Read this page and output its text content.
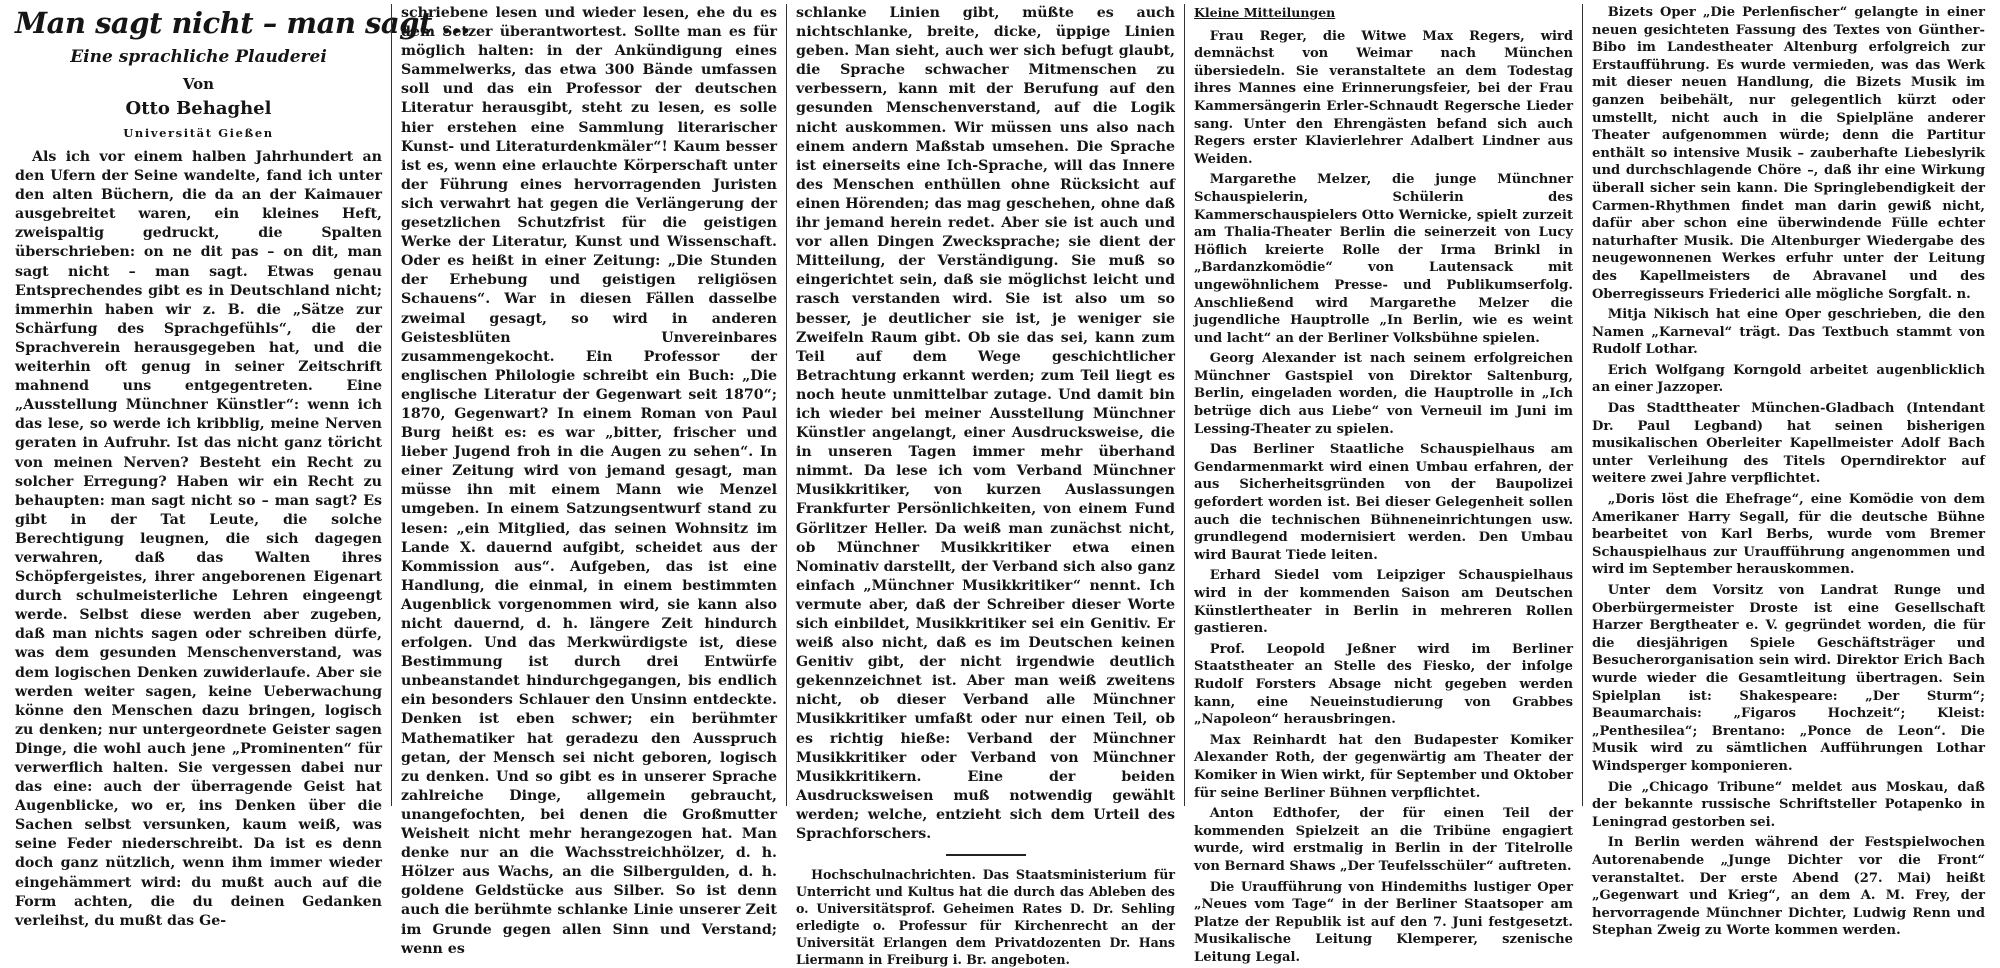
Man sagt nicht – man sagt ...
Eine sprachliche Plauderei
Von
Otto Behaghel
Universität Gießen

Als ich vor einem halben Jahrhundert an den Ufern der Seine wandelte, fand ich unter den alten Büchern, die da an der Kaimauer ausgebreitet waren, ein kleines Heft, zweispaltig gedruckt, die Spalten überschrieben: on ne dit pas – on dit, man sagt nicht – man sagt. Etwas genau Entsprechendes gibt es in Deutschland nicht; immerhin haben wir z. B. die „Sätze zur Schärfung des Sprachgefühls“, die der Sprachverein herausgegeben hat, und die weiterhin oft genug in seiner Zeitschrift mahnend uns entgegentreten. Eine „Ausstellung Münchner Künstler“: wenn ich das lese, so werde ich kribblig, meine Nerven geraten in Aufruhr. Ist das nicht ganz töricht von meinen Nerven? Besteht ein Recht zu solcher Erregung? Haben wir ein Recht zu behaupten: man sagt nicht so – man sagt? Es gibt in der Tat Leute, die solche Berechtigung leugnen, die sich dagegen verwahren, daß das Walten ihres Schöpfergeistes, ihrer angeborenen Eigenart durch schulmeisterliche Lehren eingeengt werde. Selbst diese werden aber zugeben, daß man nichts sagen oder schreiben dürfe, was dem gesunden Menschenverstand, was dem logischen Denken zuwiderlaufe. Aber sie werden weiter sagen, keine Ueberwachung könne den Menschen dazu bringen, logisch zu denken; nur untergeordnete Geister sagen Dinge, die wohl auch jene „Prominenten“ für verwerflich halten. Sie vergessen dabei nur das eine: auch der überragende Geist hat Augenblicke, wo er, ins Denken über die Sachen selbst versunken, kaum weiß, was seine Feder niederschreibt. Da ist es denn doch ganz nützlich, wenn ihm immer wieder eingehämmert wird: du mußt auch auf die Form achten, die du deinen Gedanken verleihst, du mußt das Ge-

schriebene lesen und wieder lesen, ehe du es dem Setzer überantwortest. Sollte man es für möglich halten: in der Ankündigung eines Sammelwerks, das etwa 300 Bände umfassen soll und das ein Professor der deutschen Literatur herausgibt, steht zu lesen, es solle hier erstehen eine Sammlung literarischer Kunst- und Literaturdenkmäler“! Kaum besser ist es, wenn eine erlauchte Körperschaft unter der Führung eines hervorragenden Juristen sich verwahrt hat gegen die Verlängerung der gesetzlichen Schutzfrist für die geistigen Werke der Literatur, Kunst und Wissenschaft. Oder es heißt in einer Zeitung: „Die Stunden der Erhebung und geistigen religiösen Schauens“. War in diesen Fällen dasselbe zweimal gesagt, so wird in anderen Geistesblüten Unvereinbares zusammengekocht. Ein Professor der englischen Philologie schreibt ein Buch: „Die englische Literatur der Gegenwart seit 1870“; 1870, Gegenwart? In einem Roman von Paul Burg heißt es: es war „bitter, frischer und lieber Jugend froh in die Augen zu sehen“. In einer Zeitung wird von jemand gesagt, man müsse ihn mit einem Mann wie Menzel umgeben. In einem Satzungsentwurf stand zu lesen: „ein Mitglied, das seinen Wohnsitz im Lande X. dauernd aufgibt, scheidet aus der Kommission aus“. Aufgeben, das ist eine Handlung, die einmal, in einem bestimmten Augenblick vorgenommen wird, sie kann also nicht dauernd, d. h. längere Zeit hindurch erfolgen. Und das Merkwürdigste ist, diese Bestimmung ist durch drei Entwürfe unbeanstandet hindurchgegangen, bis endlich ein besonders Schlauer den Unsinn entdeckte. Denken ist eben schwer; ein berühmter Mathematiker hat geradezu den Ausspruch getan, der Mensch sei nicht geboren, logisch zu denken. Und so gibt es in unserer Sprache zahlreiche Dinge, allgemein gebraucht, unangefochten, bei denen die Großmutter Weisheit nicht mehr herangezogen hat. Man denke nur an die Wachsstreichhölzer, d. h. Hölzer aus Wachs, an die Silbergulden, d. h. goldene Geldstücke aus Silber. So ist denn auch die berühmte schlanke Linie unserer Zeit im Grunde gegen allen Sinn und Verstand; wenn es

schlanke Linien gibt, müßte es auch nichtschlanke, breite, dicke, üppige Linien geben. Man sieht, auch wer sich befugt glaubt, die Sprache schwacher Mitmenschen zu verbessern, kann mit der Berufung auf den gesunden Menschenverstand, auf die Logik nicht auskommen. Wir müssen uns also nach einem andern Maßstab umsehen. Die Sprache ist einerseits eine Ich-Sprache, will das Innere des Menschen enthüllen ohne Rücksicht auf einen Hörenden; das mag geschehen, ohne daß ihr jemand herein redet. Aber sie ist auch und vor allen Dingen Zwecksprache; sie dient der Mitteilung, der Verständigung. Sie muß so eingerichtet sein, daß sie möglichst leicht und rasch verstanden wird. Sie ist also um so besser, je deutlicher sie ist, je weniger sie Zweifeln Raum gibt. Ob sie das sei, kann zum Teil auf dem Wege geschichtlicher Betrachtung erkannt werden; zum Teil liegt es noch heute unmittelbar zutage. Und damit bin ich wieder bei meiner Ausstellung Münchner Künstler angelangt, einer Ausdrucksweise, die in unseren Tagen immer mehr überhand nimmt. Da lese ich vom Verband Münchner Musikkritiker, von kurzen Auslassungen Frankfurter Persönlichkeiten, von einem Fund Görlitzer Heller. Da weiß man zunächst nicht, ob Münchner Musikkritiker etwa einen Nominativ darstellt, der Verband sich also ganz einfach „Münchner Musikkritiker“ nennt. Ich vermute aber, daß der Schreiber dieser Worte sich einbildet, Musikkritiker sei ein Genitiv. Er weiß also nicht, daß es im Deutschen keinen Genitiv gibt, der nicht irgendwie deutlich gekennzeichnet ist. Aber man weiß zweitens nicht, ob dieser Verband alle Münchner Musikkritiker umfaßt oder nur einen Teil, ob es richtig hieße: Verband der Münchner Musikkritiker oder Verband von Münchner Musikkritikern. Eine der beiden Ausdrucksweisen muß notwendig gewählt werden; welche, entzieht sich dem Urteil des Sprachforschers.

Hochschulnachrichten. Das Staatsministerium für Unterricht und Kultus hat die durch das Ableben des o. Universitätsprof. Geheimen Rates D. Dr. Sehling erledigte o. Professur für Kirchenrecht an der Universität Erlangen dem Privatdozenten Dr. Hans Liermann in Freiburg i. Br. angeboten.

Kleine Mitteilungen

Frau Reger, die Witwe Max Regers, wird demnächst von Weimar nach München übersiedeln. Sie veranstaltete an dem Todestag ihres Mannes eine Erinnerungsfeier, bei der Frau Kammersängerin Erler-Schnaudt Regersche Lieder sang. Unter den Ehrengästen befand sich auch Regers erster Klavierlehrer Adalbert Lindner aus Weiden.

Margarethe Melzer, die junge Münchner Schauspielerin, Schülerin des Kammerschauspielers Otto Wernicke, spielt zurzeit am Thalia-Theater Berlin die seinerzeit von Lucy Höflich kreierte Rolle der Irma Brinkl in „Bardanzkomödie“ von Lautensack mit ungewöhnlichem Presse- und Publikumserfolg. Anschließend wird Margarethe Melzer die jugendliche Hauptrolle „In Berlin, wie es weint und lacht“ an der Berliner Volksbühne spielen.

Georg Alexander ist nach seinem erfolgreichen Münchner Gastspiel von Direktor Saltenburg, Berlin, eingeladen worden, die Hauptrolle in „Ich betrüge dich aus Liebe“ von Verneuil im Juni im Lessing-Theater zu spielen.

Das Berliner Staatliche Schauspielhaus am Gendarmenmarkt wird einen Umbau erfahren, der aus Sicherheitsgründen von der Baupolizei gefordert worden ist. Bei dieser Gelegenheit sollen auch die technischen Bühneneinrichtungen usw. grundlegend modernisiert werden. Den Umbau wird Baurat Tiede leiten.

Erhard Siedel vom Leipziger Schauspielhaus wird in der kommenden Saison am Deutschen Künstlertheater in Berlin in mehreren Rollen gastieren.

Prof. Leopold Jeßner wird im Berliner Staatstheater an Stelle des Fiesko, der infolge Rudolf Forsters Absage nicht gegeben werden kann, eine Neueinstudierung von Grabbes „Napoleon“ herausbringen.

Max Reinhardt hat den Budapester Komiker Alexander Roth, der gegenwärtig am Theater der Komiker in Wien wirkt, für September und Oktober für seine Berliner Bühnen verpflichtet.

Anton Edthofer, der für einen Teil der kommenden Spielzeit an die Tribüne engagiert wurde, wird erstmalig in Berlin in der Titelrolle von Bernard Shaws „Der Teufelsschüler“ auftreten.

Die Uraufführung von Hindemiths lustiger Oper „Neues vom Tage“ in der Berliner Staatsoper am Platze der Republik ist auf den 7. Juni festgesetzt. Musikalische Leitung Klemperer, szenische Leitung Legal.

Bizets Oper „Die Perlenfischer“ gelangte in einer neuen gesichteten Fassung des Textes von Günther-Bibo im Landestheater Altenburg erfolgreich zur Erstaufführung. Es wurde vermieden, was das Werk mit dieser neuen Handlung, die Bizets Musik im ganzen beibehält, nur gelegentlich kürzt oder umstellt, nicht auch in die Spielpläne anderer Theater aufgenommen würde; denn die Partitur enthält so intensive Musik – zauberhafte Liebeslyrik und durchschlagende Chöre –, daß ihr eine Wirkung überall sicher sein kann. Die Springlebendigkeit der Carmen-Rhythmen findet man darin gewiß nicht, dafür aber schon eine überwindende Fülle echter naturhafter Musik. Die Altenburger Wiedergabe des neugewonnenen Werkes erfuhr unter der Leitung des Kapellmeisters de Abravanel und des Oberregisseurs Friederici alle mögliche Sorgfalt. n.

Mitja Nikisch hat eine Oper geschrieben, die den Namen „Karneval“ trägt. Das Textbuch stammt von Rudolf Lothar.

Erich Wolfgang Korngold arbeitet augenblicklich an einer Jazzoper.

Das Stadttheater München-Gladbach (Intendant Dr. Paul Legband) hat seinen bisherigen musikalischen Oberleiter Kapellmeister Adolf Bach unter Verleihung des Titels Operndirektor auf weitere zwei Jahre verpflichtet.

„Doris löst die Ehefrage“, eine Komödie von dem Amerikaner Harry Segall, für die deutsche Bühne bearbeitet von Karl Berbs, wurde vom Bremer Schauspielhaus zur Uraufführung angenommen und wird im September herauskommen.

Unter dem Vorsitz von Landrat Runge und Oberbürgermeister Droste ist eine Gesellschaft Harzer Bergtheater e. V. gegründet worden, die für die diesjährigen Spiele Geschäftsträger und Besucherorganisation sein wird. Direktor Erich Bach wurde wieder die Gesamtleitung übertragen. Sein Spielplan ist: Shakespeare: „Der Sturm“; Beaumarchais: „Figaros Hochzeit“; Kleist: „Penthesilea“; Brentano: „Ponce de Leon“. Die Musik wird zu sämtlichen Aufführungen Lothar Windsperger komponieren.

Die „Chicago Tribune“ meldet aus Moskau, daß der bekannte russische Schriftsteller Potapenko in Leningrad gestorben sei.

In Berlin werden während der Festspielwochen Autorenabende „Junge Dichter vor die Front“ veranstaltet. Der erste Abend (27. Mai) heißt „Gegenwart und Krieg“, an dem A. M. Frey, der hervorragende Münchner Dichter, Ludwig Renn und Stephan Zweig zu Worte kommen werden.
